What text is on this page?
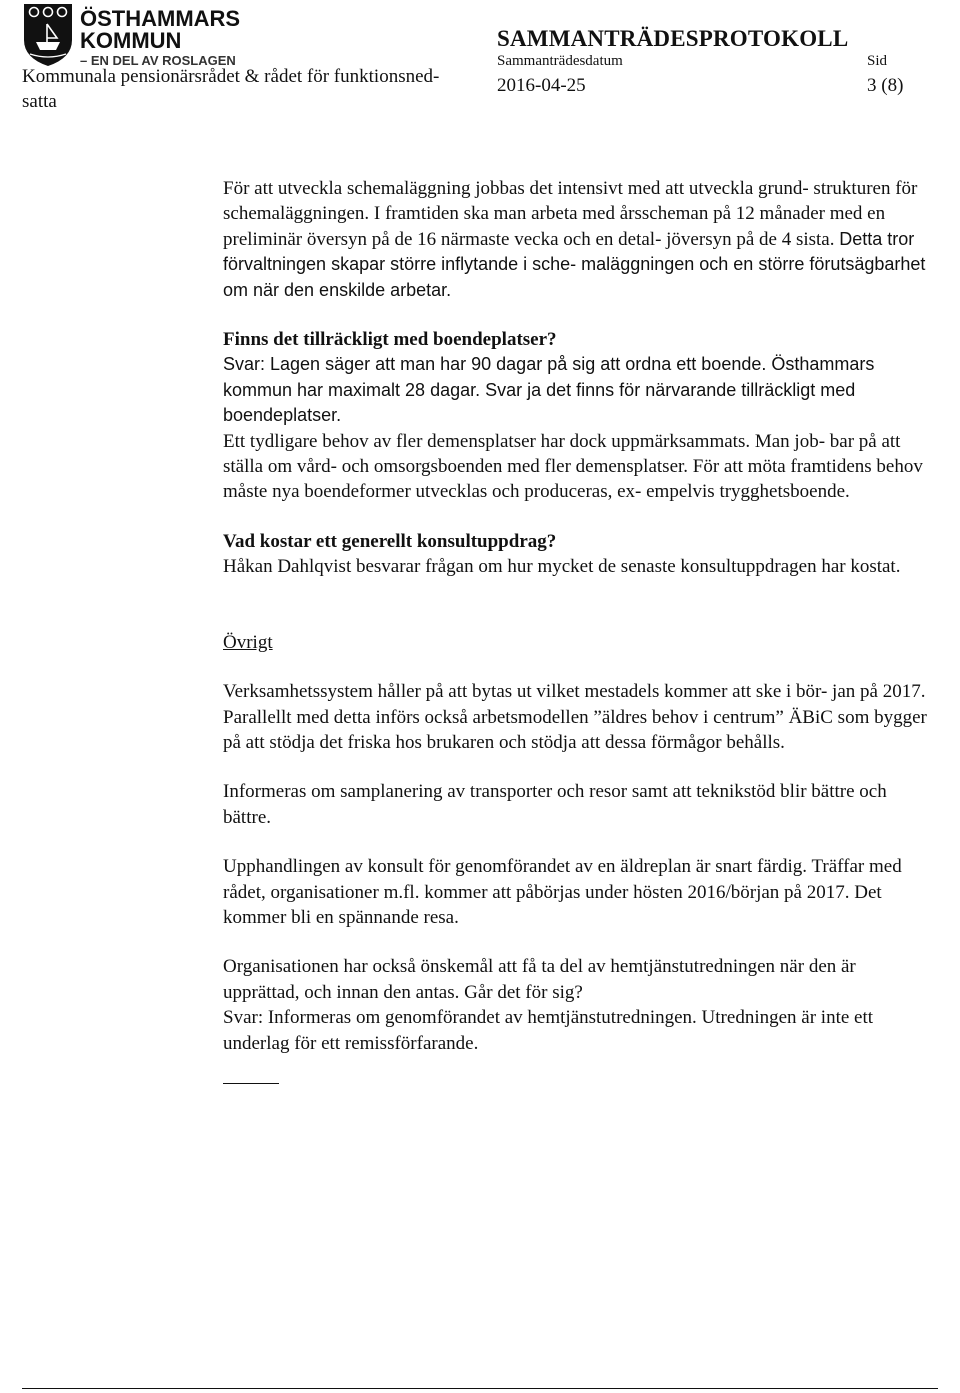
ÖSTHAMMARS
KOMMUN
– EN DEL AV ROSLAGEN
Kommunala pensionärsrådet & rådet för funktionsned- satta
SAMMANTRÄDESPROTOKOLL
Sammanträdesdatum
2016-04-25
Sid
3 (8)

För att utveckla schemaläggning jobbas det intensivt med att utveckla grund- strukturen för schemaläggningen. I framtiden ska man arbeta med årsscheman på 12 månader med en preliminär översyn på de 16 närmaste vecka och en detal- jöversyn på de 4 sista. Detta tror förvaltningen skapar större inflytande i sche- maläggningen och en större förutsägbarhet om när den enskilde arbetar.

Finns det tillräckligt med boendeplatser?

Svar: Lagen säger att man har 90 dagar på sig att ordna ett boende. Östhammars kommun har maximalt 28 dagar. Svar ja det finns för närvarande tillräckligt med boendeplatser.

Ett tydligare behov av fler demensplatser har dock uppmärksammats. Man job- bar på att ställa om vård- och omsorgsboenden med fler demensplatser. För att möta framtidens behov måste nya boendeformer utvecklas och produceras, ex- empelvis trygghetsboende.

Vad kostar ett generellt konsultuppdrag?

Håkan Dahlqvist besvarar frågan om hur mycket de senaste konsultuppdragen har kostat.

Övrigt

Verksamhetssystem håller på att bytas ut vilket mestadels kommer att ske i bör- jan på 2017. Parallellt med detta införs också arbetsmodellen ”äldres behov i centrum” ÄBiC som bygger på att stödja det friska hos brukaren och stödja att dessa förmågor behålls.

Informeras om samplanering av transporter och resor samt att teknikstöd blir bättre och bättre.

Upphandlingen av konsult för genomförandet av en äldreplan är snart färdig. Träffar med rådet, organisationer m.fl. kommer att påbörjas under hösten 2016/början på 2017. Det kommer bli en spännande resa.

Organisationen har också önskemål att få ta del av hemtjänstutredningen när den är upprättad, och innan den antas. Går det för sig?

Svar: Informeras om genomförandet av hemtjänstutredningen. Utredningen är inte ett underlag för ett remissförfarande.
